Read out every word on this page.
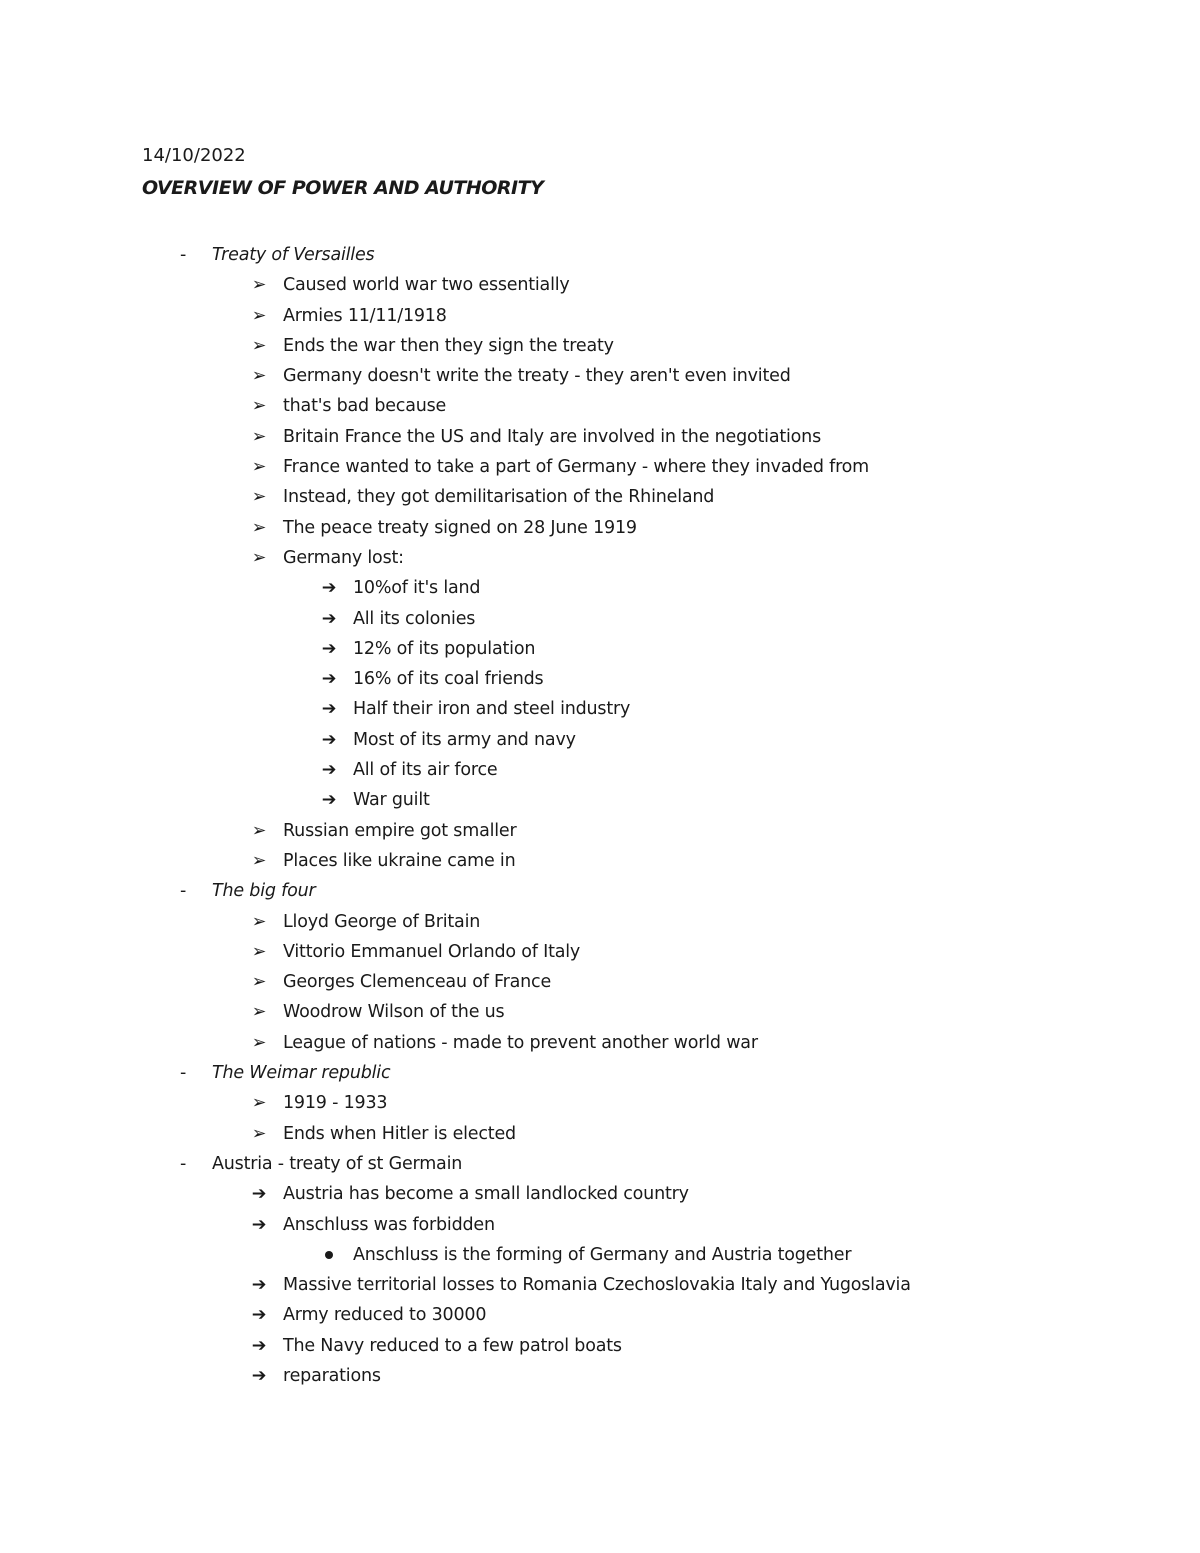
14/10/2022
OVERVIEW OF POWER AND AUTHORITY
-	Treaty of Versailles
➢ Caused world war two essentially
➢ Armies 11/11/1918
➢ Ends the war then they sign the treaty
➢ Germany doesn't write the treaty - they aren't even invited
➢ that's bad because
➢ Britain France the US and Italy are involved in the negotiations
➢ France wanted to take a part of Germany - where they invaded from
➢ Instead, they got demilitarisation of the Rhineland
➢ The peace treaty signed on 28 June 1919
➢ Germany lost:
➔ 10%of it's land
➔ All its colonies
➔ 12% of its population
➔ 16% of its coal friends
➔ Half their iron and steel industry
➔ Most of its army and navy
➔ All of its air force
➔ War guilt
➢ Russian empire got smaller
➢ Places like ukraine came in
-	The big four
➢ Lloyd George of Britain
➢ Vittorio Emmanuel Orlando of Italy
➢ Georges Clemenceau of France
➢ Woodrow Wilson of the us
➢ League of nations - made to prevent another world war
-	The Weimar republic
➢ 1919 - 1933
➢ Ends when Hitler is elected
-	Austria - treaty of st Germain
➔ Austria has become a small landlocked country
➔ Anschluss was forbidden
Anschluss is the forming of Germany and Austria together
➔ Massive territorial losses to Romania Czechoslovakia Italy and Yugoslavia
➔ Army reduced to 30000
➔ The Navy reduced to a few patrol boats
➔ reparations
